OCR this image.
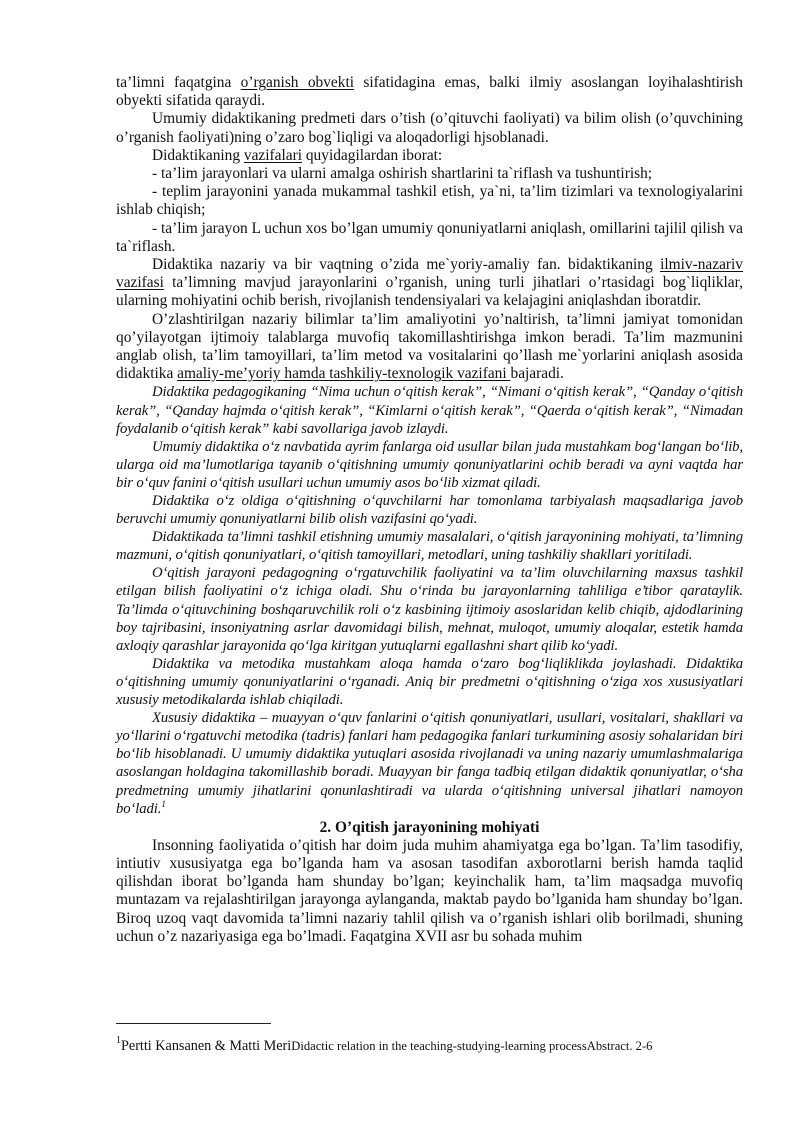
ta’limni faqatgina o’rganish obvekti sifatidagina emas, balki ilmiy asoslangan loyihalashtirish obyekti sifatida qaraydi.

Umumiy didaktikaning predmeti dars o’tish (o’qituvchi faoliyati) va bilim olish (o’quvchining o’rganish faoliyati)ning o’zaro bog`liqligi va aloqadorligi hjsoblanadi.

Didaktikaning vazifalari quyidagilardan iborat:

- ta’lim jarayonlari va ularni amalga oshirish shartlarini ta`riflash va tushuntirish;

- teplim jarayonini yanada mukammal tashkil etish, ya`ni, ta’lim tizimlari va texnologiyalarini ishlab chiqish;

- ta’lim jarayon L uchun xos bo’lgan umumiy qonuniyatlarni aniqlash, omillarini tajilil qilish va ta`riflash.

Didaktika nazariy va bir vaqtning o’zida me`yoriy-amaliy fan. bidaktikaning ilmiv-nazariv vazifasi ta’limning mavjud jarayonlarini o’rganish, uning turli jihatlari o’rtasidagi bog`liqliklar, ularning mohiyatini ochib berish, rivojlanish tendensiyalari va kelajagini aniqlashdan iboratdir.

O’zlashtirilgan nazariy bilimlar ta’lim amaliyotini yo’naltirish, ta’limni jamiyat tomonidan qo’yilayotgan ijtimoiy talablarga muvofiq takomillashtirishga imkon beradi. Ta’lim mazmunini anglab olish, ta’lim tamoyillari, ta’lim metod va vositalarini qo’llash me`yorlarini aniqlash asosida didaktika amaliy-me’yoriy hamda tashkiliy-texnologik vazifani bajaradi.

Didaktika pedagogikaning “Nima uchun o‘qitish kerak”, “Nimani o‘qitish kerak”, “Qanday o‘qitish kerak”, “Qanday hajmda o‘qitish kerak”, “Kimlarni o‘qitish kerak”, “Qaerda o‘qitish kerak”, “Nimadan foydalanib o‘qitish kerak” kabi savollariga javob izlaydi.

Umumiy didaktika o‘z navbatida ayrim fanlarga oid usullar bilan juda mustahkam bog‘langan bo‘lib, ularga oid ma’lumotlariga tayanib o‘qitishning umumiy qonuniyatlarini ochib beradi va ayni vaqtda har bir o‘quv fanini o‘qitish usullari uchun umumiy asos bo‘lib xizmat qiladi.

Didaktika o‘z oldiga o‘qitishning o‘quvchilarni har tomonlama tarbiyalash maqsadlariga javob beruvchi umumiy qonuniyatlarni bilib olish vazifasini qo‘yadi.

Didaktikada ta’limni tashkil etishning umumiy masalalari, o‘qitish jarayonining mohiyati, ta’limning mazmuni, o‘qitish qonuniyatlari, o‘qitish tamoyillari, metodlari, uning tashkiliy shakllari yoritiladi.

O‘qitish jarayoni pedagogning o‘rgatuvchilik faoliyatini va ta’lim oluvchilarning maxsus tashkil etilgan bilish faoliyatini o‘z ichiga oladi. Shu o‘rinda bu jarayonlarning tahliliga e’tibor qarataylik. Ta’limda o‘qituvchining boshqaruvchilik roli o‘z kasbining ijtimoiy asoslaridan kelib chiqib, ajdodlarining boy tajribasini, insoniyatning asrlar davomidagi bilish, mehnat, muloqot, umumiy aloqalar, estetik hamda axloqiy qarashlar jarayonida qo‘lga kiritgan yutuqlarni egallashni shart qilib ko‘yadi.

Didaktika va metodika mustahkam aloqa hamda o‘zaro bog‘liqliklikda joylashadi. Didaktika o‘qitishning umumiy qonuniyatlarini o‘rganadi. Aniq bir predmetni o‘qitishning o‘ziga xos xususiyatlari xususiy metodikalarda ishlab chiqiladi.

Xususiy didaktika – muayyan o‘quv fanlarini o‘qitish qonuniyatlari, usullari, vositalari, shakllari va yo‘llarini o‘rgatuvchi metodika (tadris) fanlari ham pedagogika fanlari turkumining asosiy sohalaridan biri bo‘lib hisoblanadi. U umumiy didaktika yutuqlari asosida rivojlanadi va uning nazariy umumlashmalariga asoslangan holdagina takomillashib boradi. Muayyan bir fanga tadbiq etilgan didaktik qonuniyatlar, o‘sha predmetning umumiy jihatlarini qonunlashtiradi va ularda o‘qitishning universal jihatlari namoyon bo‘ladi.$^1$

2. O’qitish jarayonining mohiyati

Insonning faoliyatida o’qitish har doim juda muhim ahamiyatga ega bo’lgan. Ta’lim tasodifiy, intiutiv xususiyatga ega bo’lganda ham va asosan tasodifan axborotlarni berish hamda taqlid qilishdan iborat bo’lganda ham shunday bo’lgan; keyinchalik ham, ta’lim maqsadga muvofiq muntazam va rejalashtirilgan jarayonga aylanganda, maktab paydo bo’lganida ham shunday bo’lgan. Biroq uzoq vaqt davomida ta’limni nazariy tahlil qilish va o’rganish ishlari olib borilmadi, shuning uchun o’z nazariyasiga ega bo’lmadi. Faqatgina XVII asr bu sohada muhim

$^1$Pertti Kansanen & Matti MeriDidactic relation in the teaching-studying-learning processAbstract. 2-6
